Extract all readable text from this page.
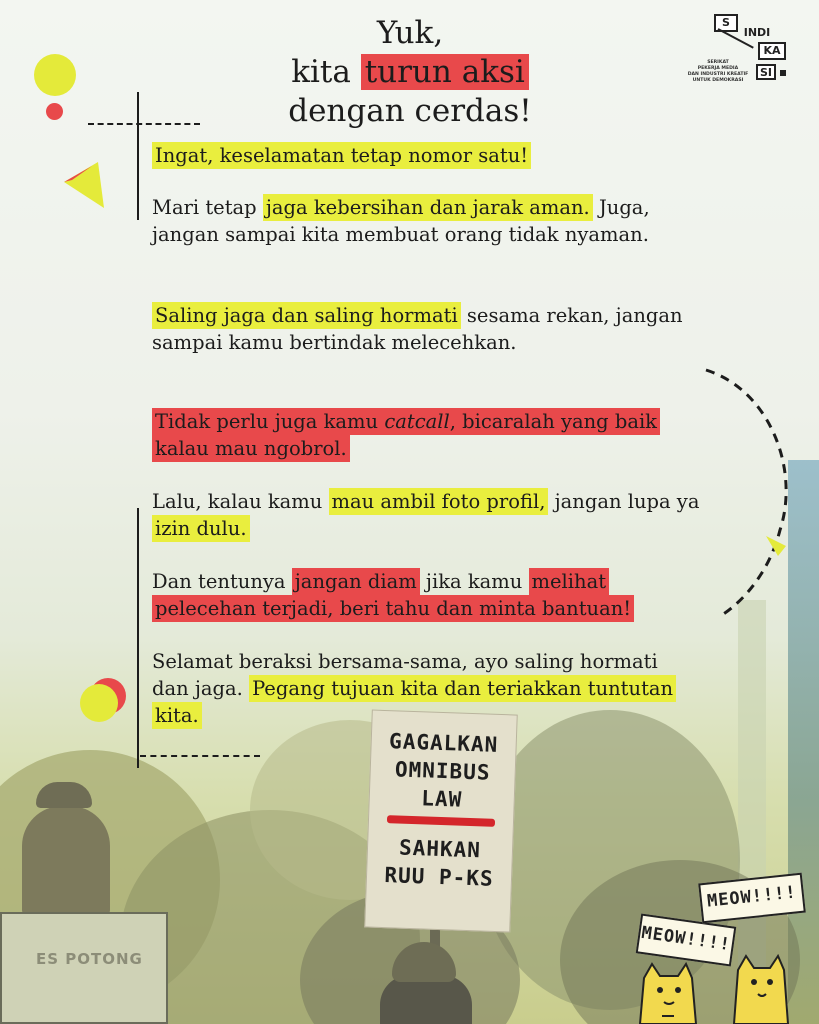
ES POTONG
GAGALKAN
OMNIBUS
LAW
SAHKAN
RUU P-KS
MEOW!!!!
MEOW!!!!
Yuk,
kita turun aksi
dengan cerdas!
S
INDI
KA
SI
SERIKAT
PEKERJA MEDIA
DAN INDUSTRI KREATIF
UNTUK DEMOKRASI
Ingat, keselamatan tetap nomor satu!
Mari tetap jaga kebersihan dan jarak aman. Juga, jangan sampai kita membuat orang tidak nyaman.
Saling jaga dan saling hormati sesama rekan, jangan sampai kamu bertindak melecehkan.
Tidak perlu juga kamu catcall, bicaralah yang baik kalau mau ngobrol.
Lalu, kalau kamu mau ambil foto profil, jangan lupa ya izin dulu.
Dan tentunya jangan diam jika kamu melihat pelecehan terjadi, beri tahu dan minta bantuan!
Selamat beraksi bersama-sama, ayo saling hormati dan jaga. Pegang tujuan kita dan teriakkan tuntutan kita.
